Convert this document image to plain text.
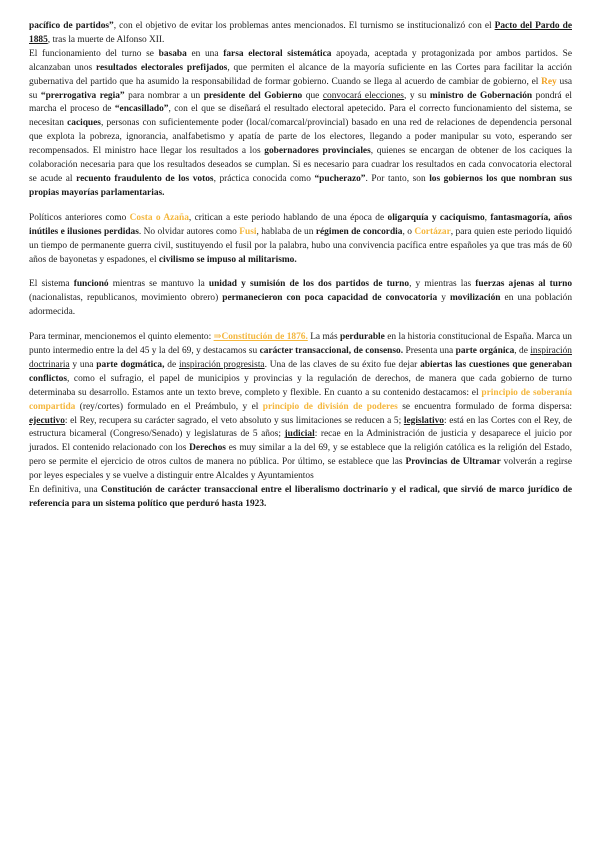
pacífico de partidos”, con el objetivo de evitar los problemas antes mencionados. El turnismo se institucionalizó con el Pacto del Pardo de 1885, tras la muerte de Alfonso XII.

El funcionamiento del turno se basaba en una farsa electoral sistemática apoyada, aceptada y protagonizada por ambos partidos. Se alcanzaban unos resultados electorales prefijados, que permiten el alcance de la mayoría suficiente en las Cortes para facilitar la acción gubernativa del partido que ha asumido la responsabilidad de formar gobierno. Cuando se llega al acuerdo de cambiar de gobierno, el Rey usa su “prerrogativa regia” para nombrar a un presidente del Gobierno que convocará elecciones, y su ministro de Gobernación pondrá el marcha el proceso de “encasillado”, con el que se diseñará el resultado electoral apetecido. Para el correcto funcionamiento del sistema, se necesitan caciques, personas con suficientemente poder (local/comarcal/provincial) basado en una red de relaciones de dependencia personal que explota la pobreza, ignorancia, analfabetismo y apatía de parte de los electores, llegando a poder manipular su voto, esperando ser recompensados. El ministro hace llegar los resultados a los gobernadores provinciales, quienes se encargan de obtener de los caciques la colaboración necesaria para que los resultados deseados se cumplan. Si es necesario para cuadrar los resultados en cada convocatoria electoral se acude al recuento fraudulento de los votos, práctica conocida como “pucherazo”. Por tanto, son los gobiernos los que nombran sus propias mayorías parlamentarias.

Políticos anteriores como Costa o Azaña, critican a este periodo hablando de una época de oligarquía y caciquismo, fantasmagoría, años inútiles e ilusiones perdidas. No olvidar autores como Fusi, hablaba de un régimen de concordia, o Cortázar, para quien este periodo liquidó un tiempo de permanente guerra civil, sustituyendo el fusil por la palabra, hubo una convivencia pacífica entre españoles ya que tras más de 60 años de bayonetas y espadones, el civilismo se impuso al militarismo.

El sistema funcionó mientras se mantuvo la unidad y sumisión de los dos partidos de turno, y mientras las fuerzas ajenas al turno (nacionalistas, republicanos, movimiento obrero) permanecieron con poca capacidad de convocatoria y movilización en una población adormecida.

Para terminar, mencionemos el quinto elemento: ⇒Constitución de 1876. La más perdurable en la historia constitucional de España. Marca un punto intermedio entre la del 45 y la del 69, y destacamos su carácter transaccional, de consenso. Presenta una parte orgánica, de inspiración doctrinaria y una parte dogmática, de inspiración progresista. Una de las claves de su éxito fue dejar abiertas las cuestiones que generaban conflictos, como el sufragio, el papel de municipios y provincias y la regulación de derechos, de manera que cada gobierno de turno determinaba su desarrollo. Estamos ante un texto breve, completo y flexible. En cuanto a su contenido destacamos: el principio de soberanía compartida (rey/cortes) formulado en el Preámbulo, y el principio de división de poderes se encuentra formulado de forma dispersa: ejecutivo: el Rey, recupera su carácter sagrado, el veto absoluto y sus limitaciones se reducen a 5; legislativo: está en las Cortes con el Rey, de estructura bicameral (Congreso/Senado) y legislaturas de 5 años; judicial: recae en la Administración de justicia y desaparece el juicio por jurados. El contenido relacionado con los Derechos es muy similar a la del 69, y se establece que la religión católica es la religión del Estado, pero se permite el ejercicio de otros cultos de manera no pública. Por último, se establece que las Provincias de Ultramar volverán a regirse por leyes especiales y se vuelve a distinguir entre Alcaldes y Ayuntamientos

En definitiva, una Constitución de carácter transaccional entre el liberalismo doctrinario y el radical, que sirvió de marco jurídico de referencia para un sistema político que perduró hasta 1923.
